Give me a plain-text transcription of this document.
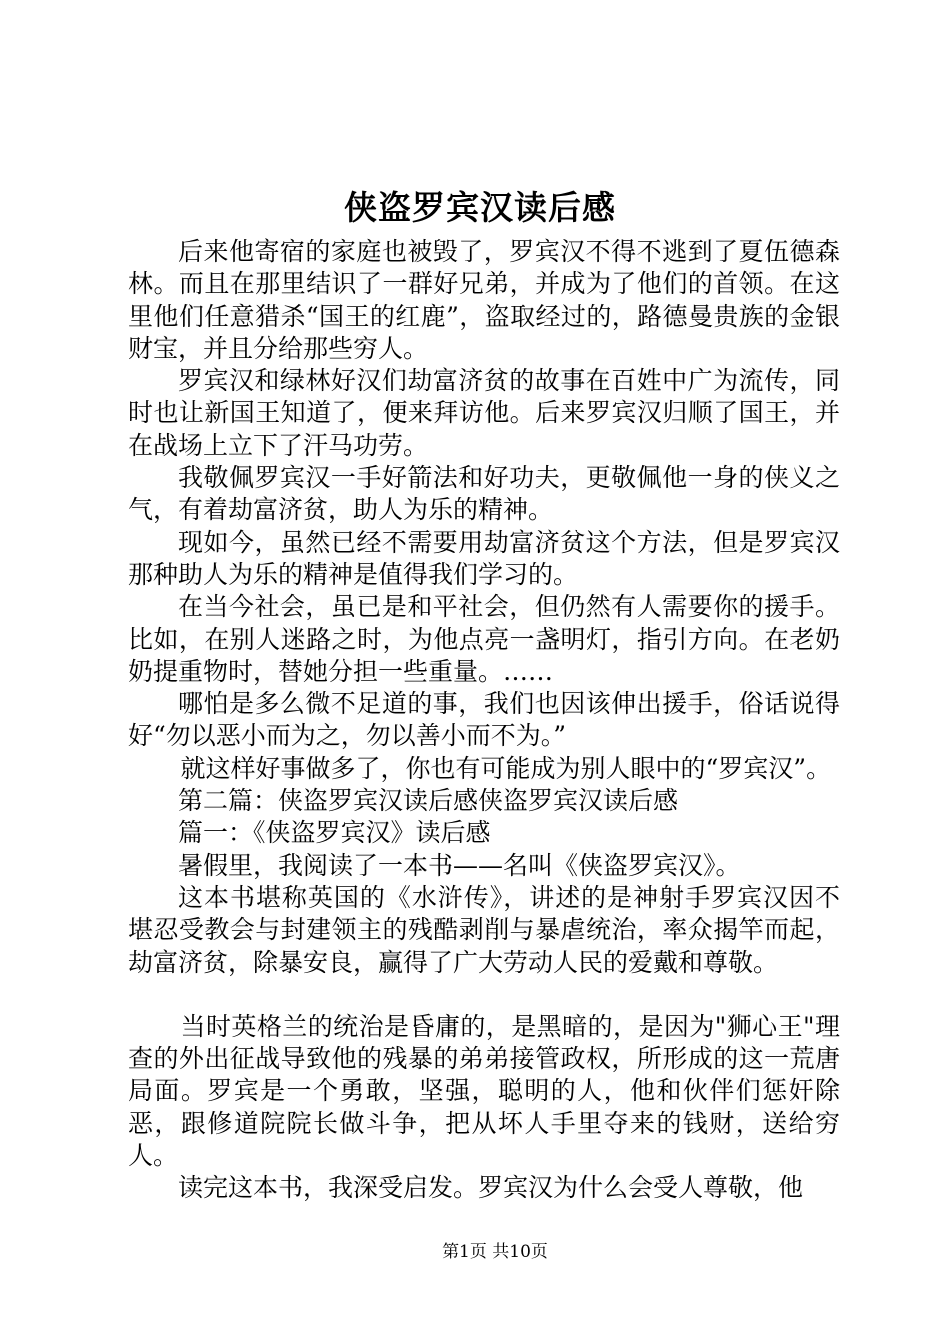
侠盗罗宾汉读后感

后来他寄宿的家庭也被毁了，罗宾汉不得不逃到了夏伍德森林。而且在那里结识了一群好兄弟，并成为了他们的首领。在这里他们任意猎杀“国王的红鹿”，盗取经过的，路德曼贵族的金银财宝，并且分给那些穷人。

罗宾汉和绿林好汉们劫富济贫的故事在百姓中广为流传，同时也让新国王知道了，便来拜访他。后来罗宾汉归顺了国王，并在战场上立下了汗马功劳。

我敬佩罗宾汉一手好箭法和好功夫，更敬佩他一身的侠义之气，有着劫富济贫，助人为乐的精神。

现如今，虽然已经不需要用劫富济贫这个方法，但是罗宾汉那种助人为乐的精神是值得我们学习的。

在当今社会，虽已是和平社会，但仍然有人需要你的援手。比如，在别人迷路之时，为他点亮一盏明灯，指引方向。在老奶奶提重物时，替她分担一些重量。……

哪怕是多么微不足道的事，我们也因该伸出援手，俗话说得好“勿以恶小而为之，勿以善小而不为。”

就这样好事做多了，你也有可能成为别人眼中的“罗宾汉”。

第二篇：侠盗罗宾汉读后感侠盗罗宾汉读后感

篇一：《侠盗罗宾汉》读后感

暑假里，我阅读了一本书——名叫《侠盗罗宾汉》。

这本书堪称英国的《水浒传》，讲述的是神射手罗宾汉因不堪忍受教会与封建领主的残酷剥削与暴虐统治，率众揭竿而起，劫富济贫，除暴安良，赢得了广大劳动人民的爱戴和尊敬。

当时英格兰的统治是昏庸的，是黑暗的，是因为"狮心王"理查的外出征战导致他的残暴的弟弟接管政权，所形成的这一荒唐局面。罗宾是一个勇敢，坚强，聪明的人，他和伙伴们惩奸除恶，跟修道院院长做斗争，把从坏人手里夺来的钱财，送给穷人。

读完这本书，我深受启发。罗宾汉为什么会受人尊敬，他

第1页 共10页
